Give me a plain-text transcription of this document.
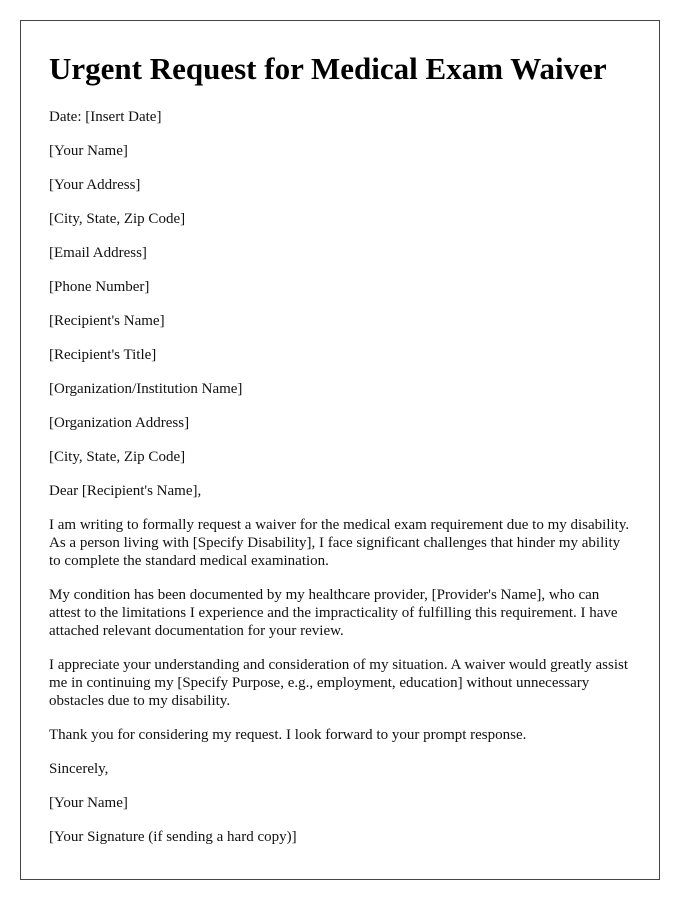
Urgent Request for Medical Exam Waiver

Date: [Insert Date]

[Your Name]

[Your Address]

[City, State, Zip Code]

[Email Address]

[Phone Number]

[Recipient's Name]

[Recipient's Title]

[Organization/Institution Name]

[Organization Address]

[City, State, Zip Code]

Dear [Recipient's Name],

I am writing to formally request a waiver for the medical exam requirement due to my disability. As a person living with [Specify Disability], I face significant challenges that hinder my ability to complete the standard medical examination.

My condition has been documented by my healthcare provider, [Provider's Name], who can attest to the limitations I experience and the impracticality of fulfilling this requirement. I have attached relevant documentation for your review.

I appreciate your understanding and consideration of my situation. A waiver would greatly assist me in continuing my [Specify Purpose, e.g., employment, education] without unnecessary obstacles due to my disability.

Thank you for considering my request. I look forward to your prompt response.

Sincerely,

[Your Name]

[Your Signature (if sending a hard copy)]
